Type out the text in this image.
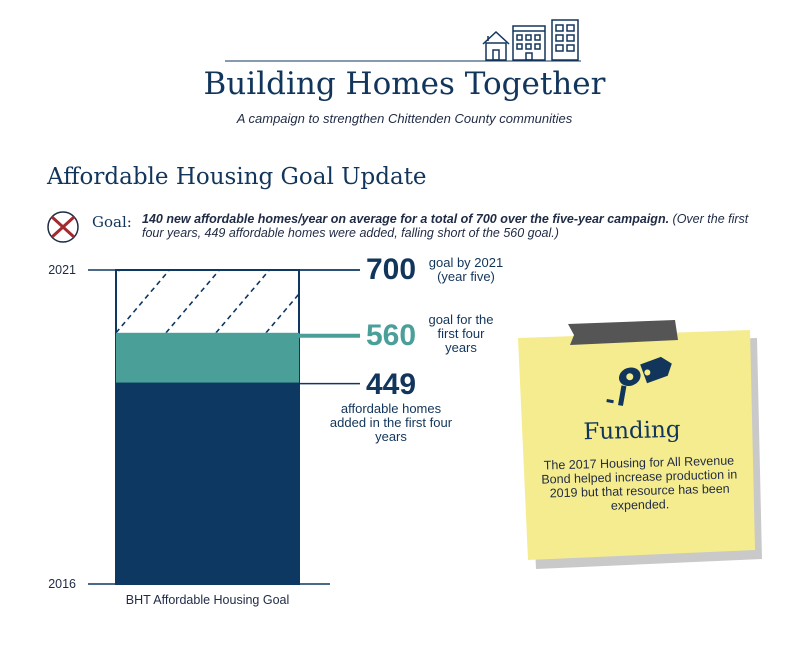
Building Homes Together
A campaign to strengthen Chittenden County communities
Affordable Housing Goal Update
Goal: 140 new affordable homes/year on average for a total of 700 over the five-year campaign. (Over the first four years, 449 affordable homes were added, falling short of the 560 goal.)
2021
2016
BHT Affordable Housing Goal
700 goal by 2021 (year five)
560 goal for the first four years
449
affordable homes added in the first four years	Funding
The 2017 Housing for All Revenue Bond helped increase production in 2019 but that resource has been expended.
